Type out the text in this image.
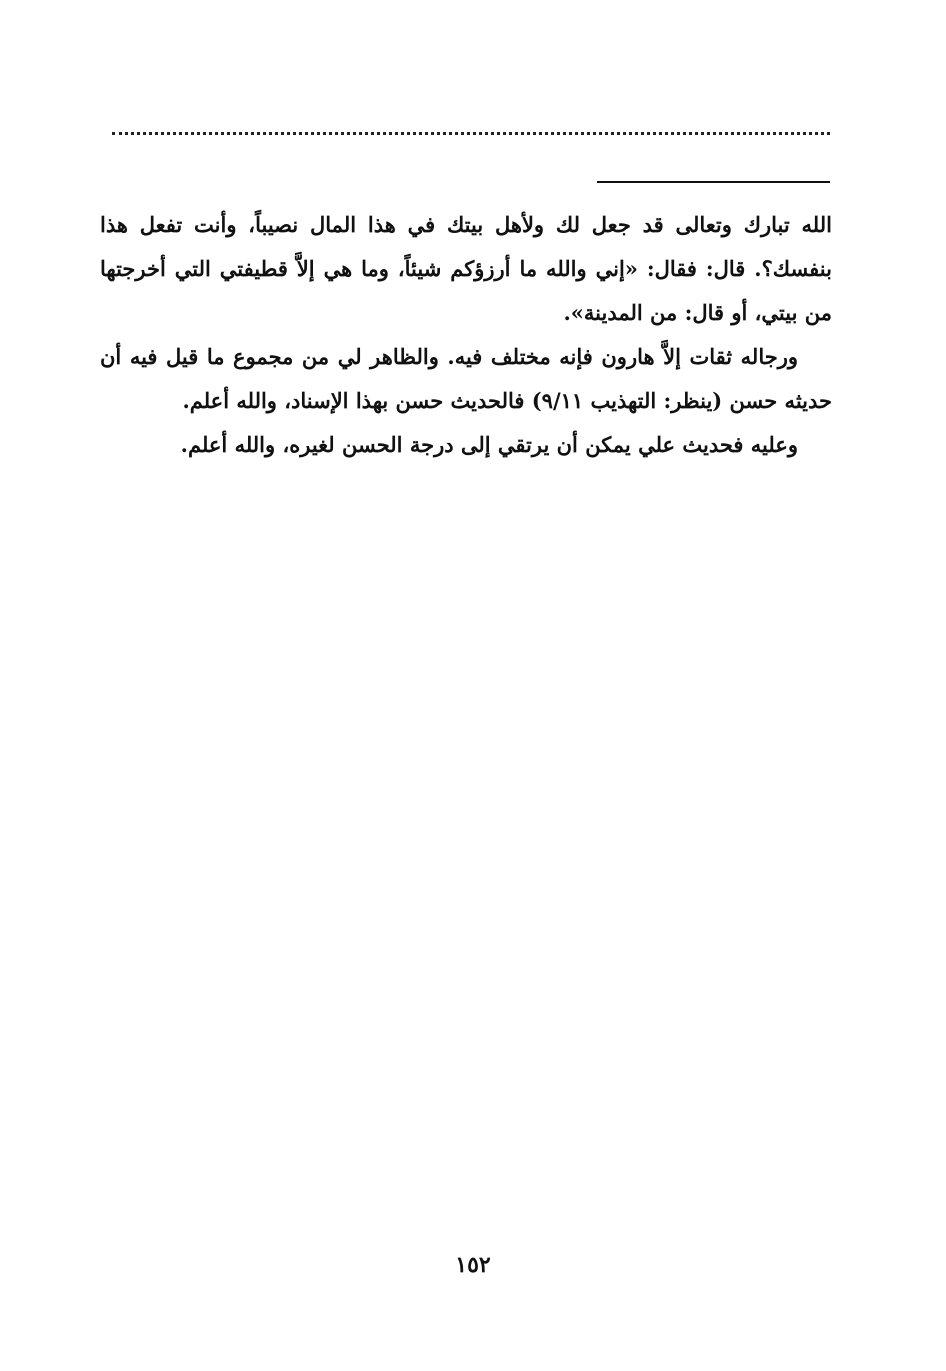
الله تبارك وتعالى قد جعل لك ولأهل بيتك في هذا المال نصيباً، وأنت تفعل هذا بنفسك؟. قال: فقال: «إني والله ما أرزؤكم شيئاً، وما هي إلاَّ قطيفتي التي أخرجتها من بيتي، أو قال: من المدينة».

ورجاله ثقات إلاَّ هارون فإنه مختلف فيه. والظاهر لي من مجموع ما قيل فيه أن حديثه حسن (ينظر: التهذيب ٩/١١) فالحديث حسن بهذا الإسناد، والله أعلم.

وعليه فحديث علي يمكن أن يرتقي إلى درجة الحسن لغيره، والله أعلم.

١٥٢
